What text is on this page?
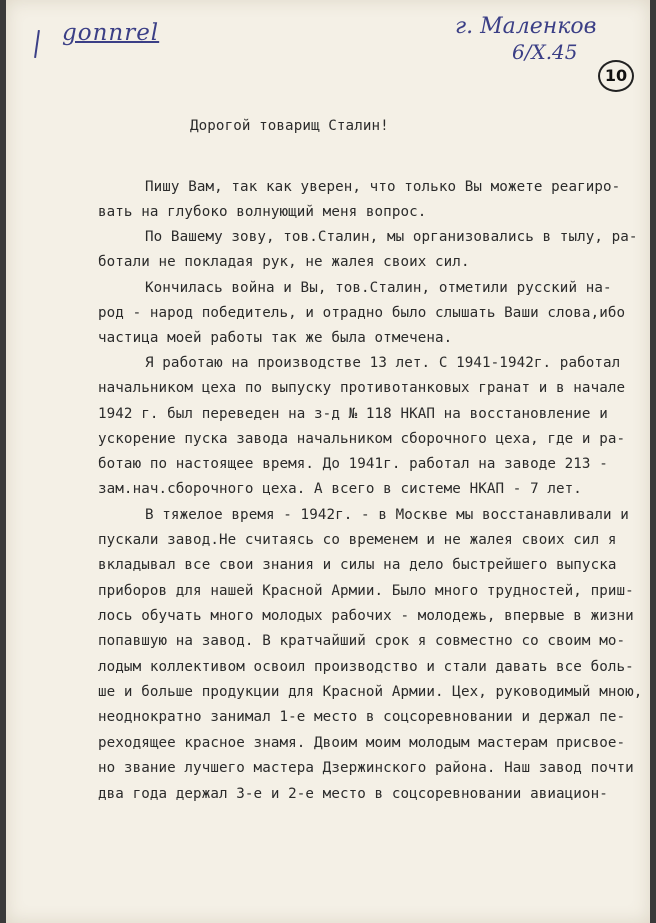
gonnrel	г. Маленков
6/X.45
10
Дорогой товарищ Сталин!
Пишу Вам, так как уверен, что только Вы можете реагиро-
вать на глубоко волнующий меня вопрос.
По Вашему зову, тов.Сталин, мы организовались в тылу, ра-
ботали не покладая рук, не жалея своих сил.
Кончилась война и Вы, тов.Сталин, отметили русский на-
род - народ победитель, и отрадно было слышать Ваши слова,ибо
частица моей работы так же была отмечена.
Я работаю на производстве 13 лет. С 1941-1942г. работал
начальником цеха по выпуску противотанковых гранат и в начале
1942 г. был переведен на з-д № 118 НКАП на восстановление и
ускорение пуска завода начальником сборочного цеха, где и ра-
ботаю по настоящее время. До 1941г. работал на заводе 213 -
зам.нач.сборочного цеха. А всего в системе НКАП - 7 лет.
В тяжелое время - 1942г. - в Москве мы восстанавливали и
пускали завод.Не считаясь со временем и не жалея своих сил я
вкладывал все свои знания и силы на дело быстрейшего выпуска
приборов для нашей Красной Армии. Было много трудностей, приш-
лось обучать много молодых рабочих - молодежь, впервые в жизни
попавшую на завод. В кратчайший срок я совместно со своим мо-
лодым коллективом освоил производство и стали давать все боль-
ше и больше продукции для Красной Армии. Цех, руководимый мною,
неоднократно занимал 1-е место в соцсоревновании и держал пе-
реходящее красное знамя. Двоим моим молодым мастерам присвое-
но звание лучшего мастера Дзержинского района. Наш завод почти
два года держал 3-е и 2-е место в соцсоревновании авиацион-
